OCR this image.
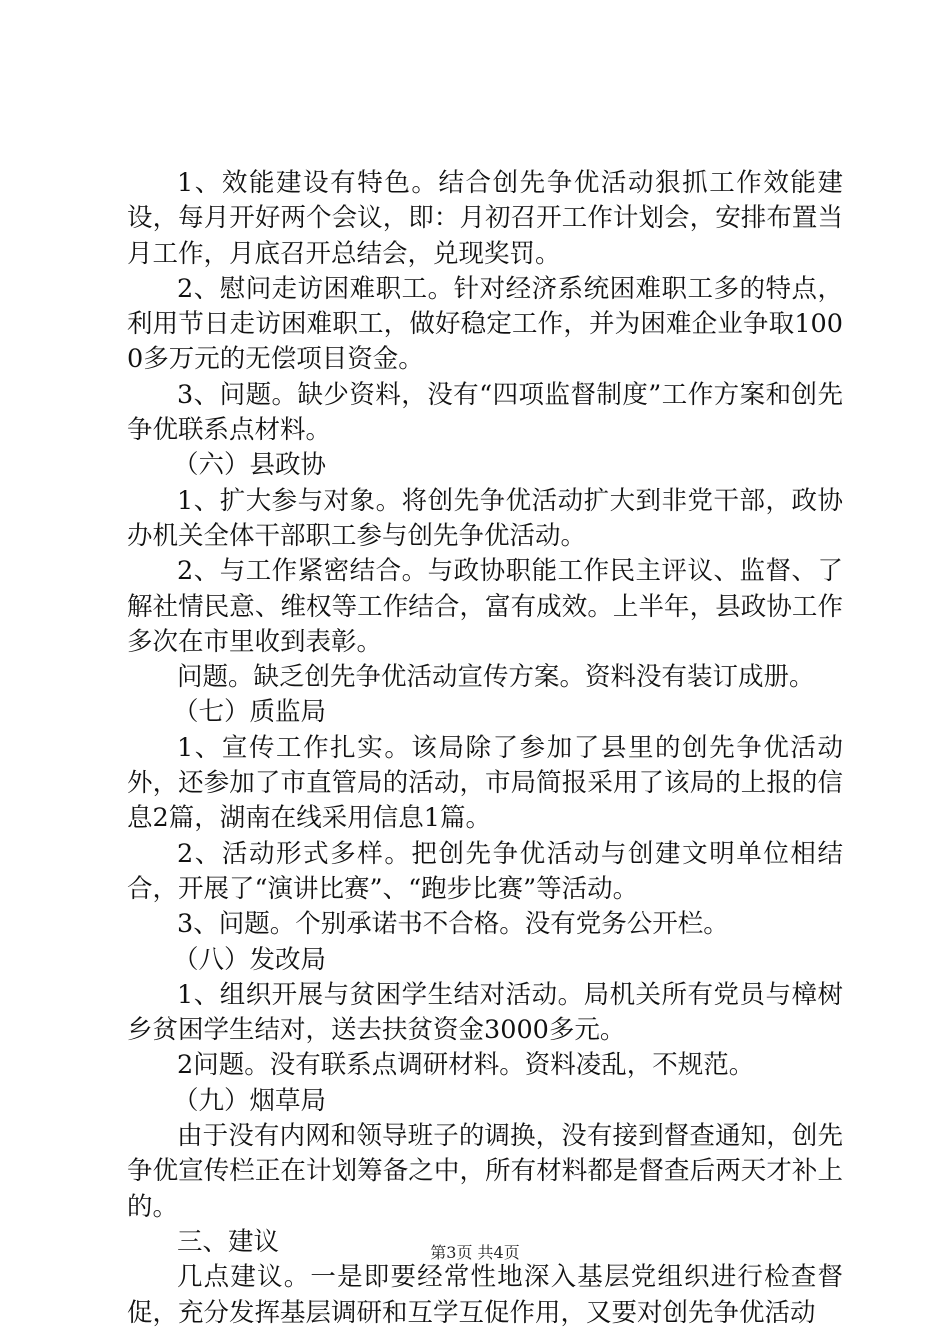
1、效能建设有特色。结合创先争优活动狠抓工作效能建设，每月开好两个会议，即：月初召开工作计划会，安排布置当月工作，月底召开总结会，兑现奖罚。

2、慰问走访困难职工。针对经济系统困难职工多的特点，利用节日走访困难职工，做好稳定工作，并为困难企业争取1000多万元的无偿项目资金。

3、问题。缺少资料，没有“四项监督制度”工作方案和创先争优联系点材料。

（六）县政协

1、扩大参与对象。将创先争优活动扩大到非党干部，政协办机关全体干部职工参与创先争优活动。

2、与工作紧密结合。与政协职能工作民主评议、监督、了解社情民意、维权等工作结合，富有成效。上半年，县政协工作多次在市里收到表彰。

问题。缺乏创先争优活动宣传方案。资料没有装订成册。

（七）质监局

1、宣传工作扎实。该局除了参加了县里的创先争优活动外，还参加了市直管局的活动，市局简报采用了该局的上报的信息2篇，湖南在线采用信息1篇。

2、活动形式多样。把创先争优活动与创建文明单位相结合，开展了“演讲比赛”、“跑步比赛”等活动。

3、问题。个别承诺书不合格。没有党务公开栏。

（八）发改局

1、组织开展与贫困学生结对活动。局机关所有党员与樟树乡贫困学生结对，送去扶贫资金3000多元。

2问题。没有联系点调研材料。资料凌乱，不规范。

（九）烟草局

由于没有内网和领导班子的调换，没有接到督查通知，创先争优宣传栏正在计划筹备之中，所有材料都是督查后两天才补上的。

三、建议

几点建议。一是即要经常性地深入基层党组织进行检查督促，充分发挥基层调研和互学互促作用，又要对创先争优活动

第3页 共4页
